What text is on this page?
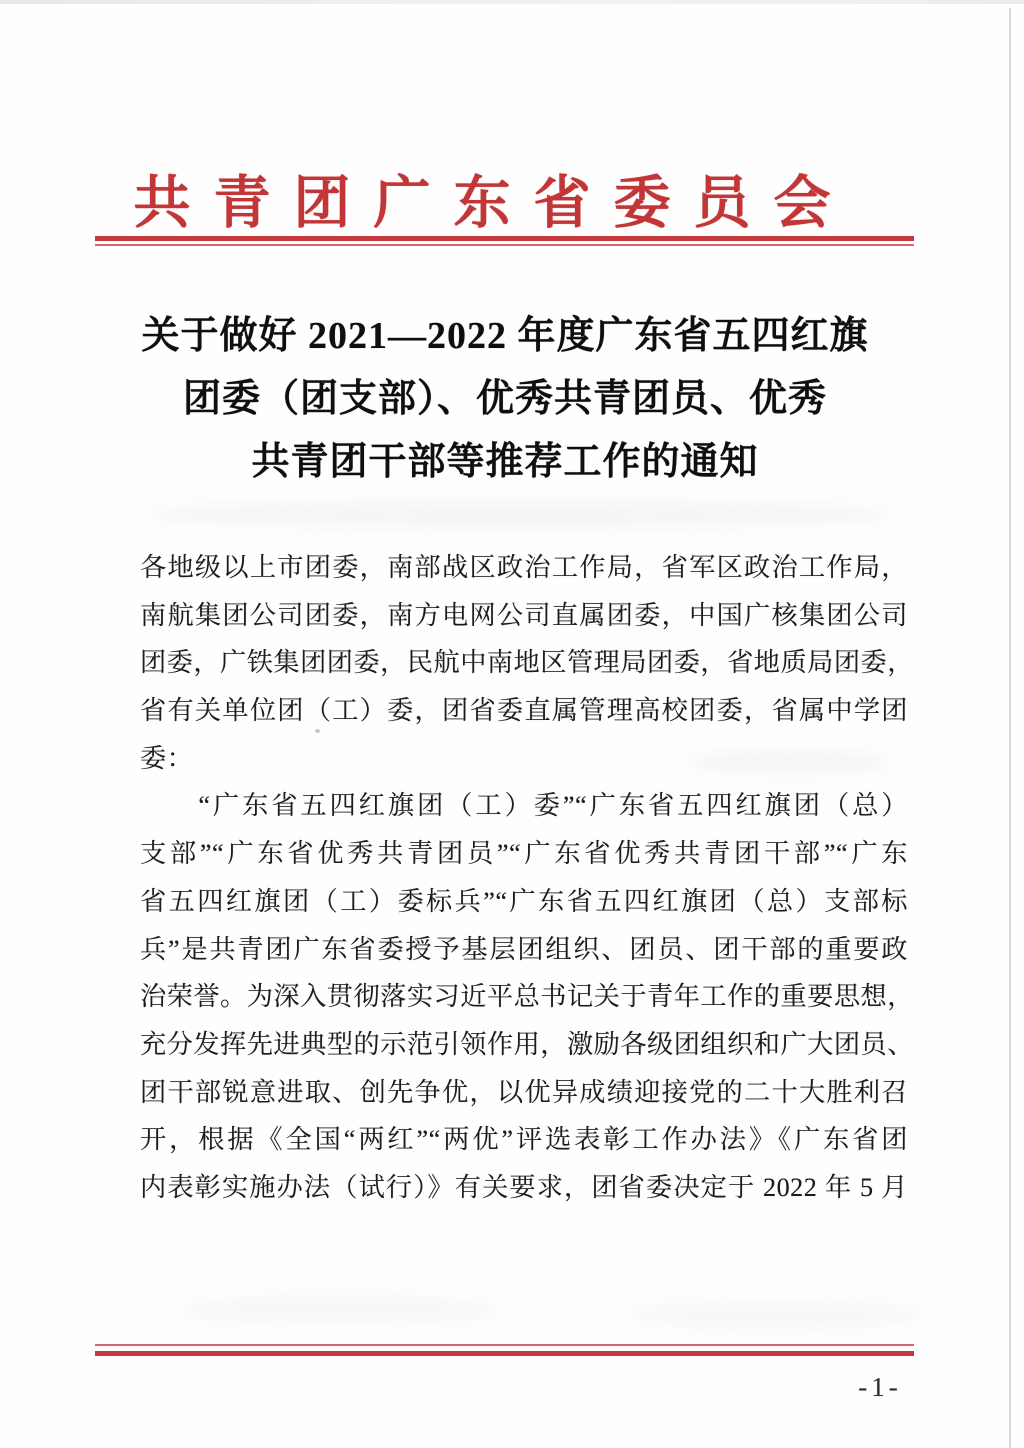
共青团广东省委员会
关于做好 2021—2022 年度广东省五四红旗
团委（团支部）、优秀共青团员、优秀
共青团干部等推荐工作的通知
各地级以上市团委，南部战区政治工作局，省军区政治工作局，
南航集团公司团委，南方电网公司直属团委，中国广核集团公司
团委，广铁集团团委，民航中南地区管理局团委，省地质局团委，
省有关单位团（工）委，团省委直属管理高校团委，省属中学团
委：
　　“广东省五四红旗团（工）委”“广东省五四红旗团（总）
支部”“广东省优秀共青团员”“广东省优秀共青团干部”“广东
省五四红旗团（工）委标兵”“广东省五四红旗团（总）支部标
兵”是共青团广东省委授予基层团组织、团员、团干部的重要政
治荣誉。为深入贯彻落实习近平总书记关于青年工作的重要思想，
充分发挥先进典型的示范引领作用，激励各级团组织和广大团员、
团干部锐意进取、创先争优，以优异成绩迎接党的二十大胜利召
开，根据《全国“两红”“两优”评选表彰工作办法》《广东省团
内表彰实施办法（试行）》有关要求，团省委决定于 2022 年 5 月
-1-
